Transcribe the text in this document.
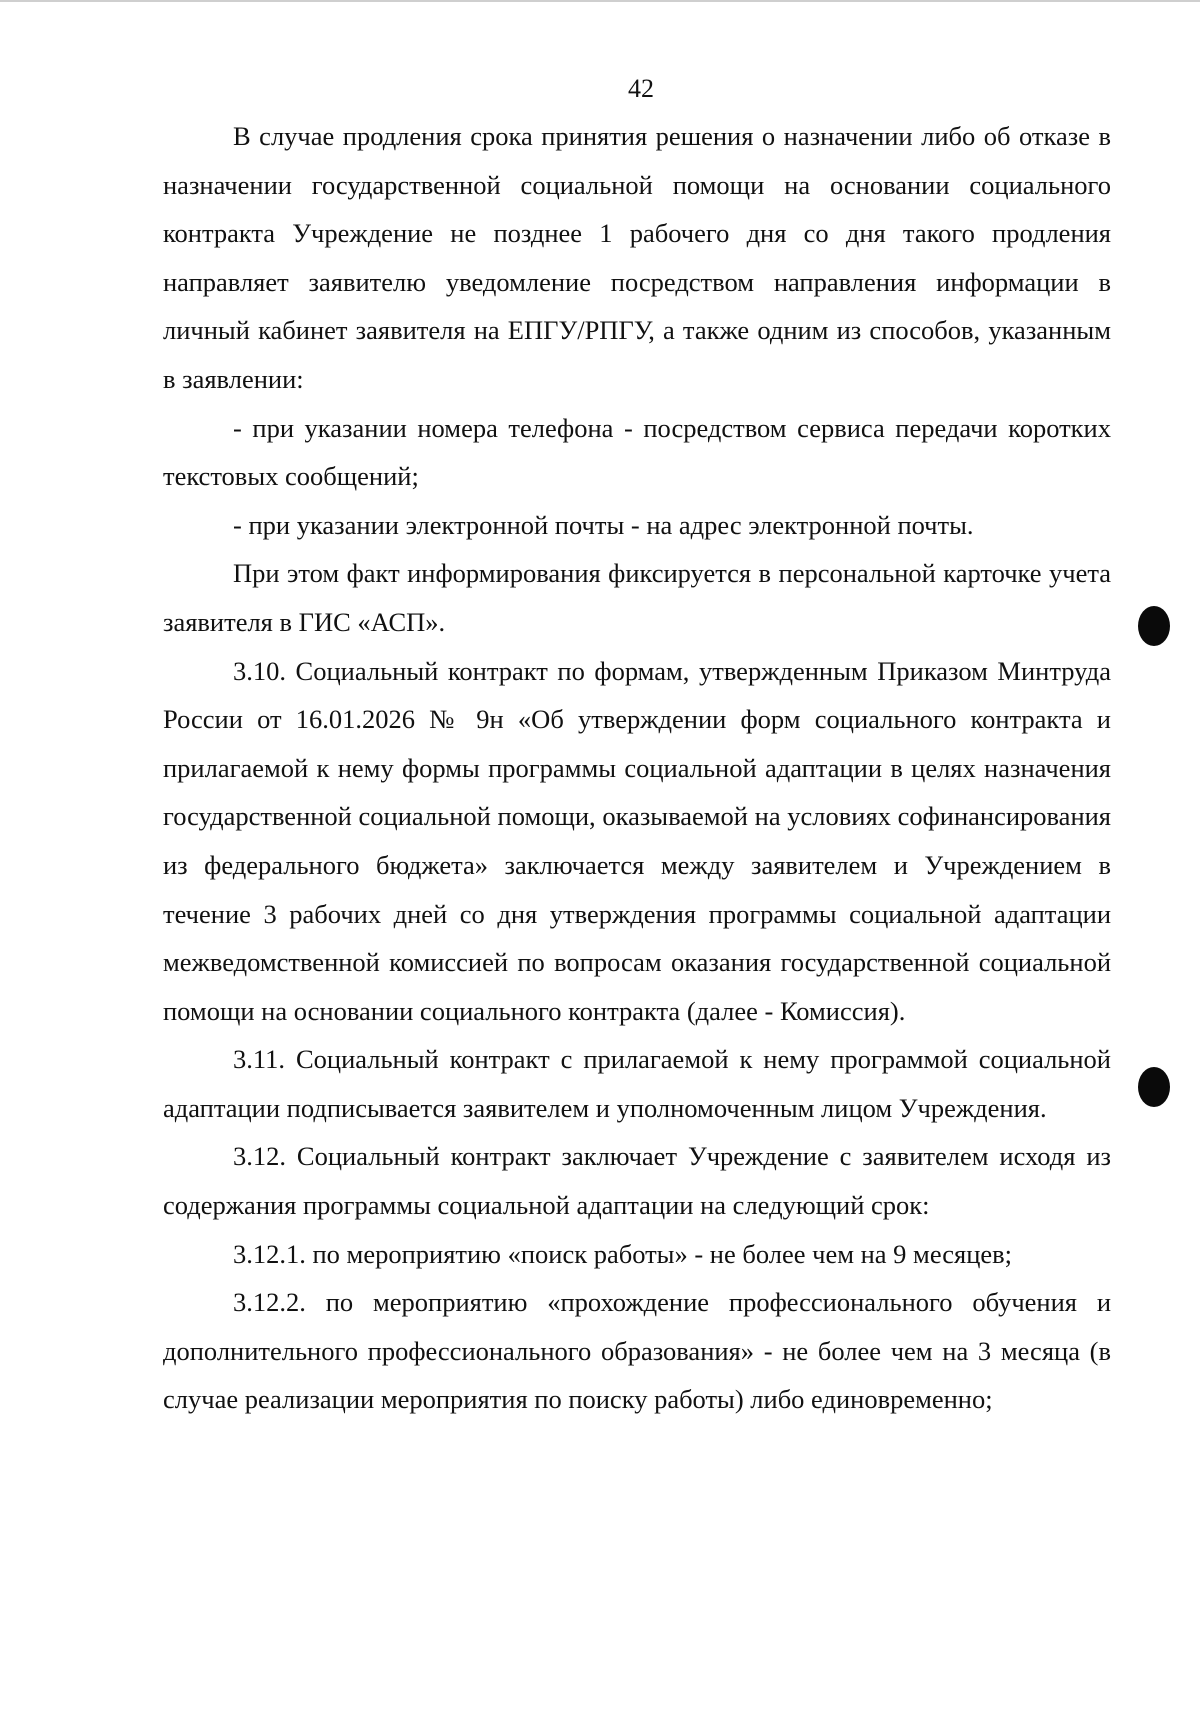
42

В случае продления срока принятия решения о назначении либо об отказе в назначении государственной социальной помощи на основании социального контракта Учреждение не позднее 1 рабочего дня со дня такого продления направляет заявителю уведомление посредством направления информации в личный кабинет заявителя на ЕПГУ/РПГУ, а также одним из способов, указанным в заявлении:

- при указании номера телефона - посредством сервиса передачи коротких текстовых сообщений;

- при указании электронной почты - на адрес электронной почты.

При этом факт информирования фиксируется в персональной карточке учета заявителя в ГИС «АСП».

3.10. Социальный контракт по формам, утвержденным Приказом Минтруда России от 16.01.2026 № 9н «Об утверждении форм социального контракта и прилагаемой к нему формы программы социальной адаптации в целях назначения государственной социальной помощи, оказываемой на условиях софинансирования из федерального бюджета» заключается между заявителем и Учреждением в течение 3 рабочих дней со дня утверждения программы социальной адаптации межведомственной комиссией по вопросам оказания государственной социальной помощи на основании социального контракта (далее - Комиссия).

3.11. Социальный контракт с прилагаемой к нему программой социальной адаптации подписывается заявителем и уполномоченным лицом Учреждения.

3.12. Социальный контракт заключает Учреждение с заявителем исходя из содержания программы социальной адаптации на следующий срок:

3.12.1. по мероприятию «поиск работы» - не более чем на 9 месяцев;

3.12.2. по мероприятию «прохождение профессионального обучения и дополнительного профессионального образования» - не более чем на 3 месяца (в случае реализации мероприятия по поиску работы) либо единовременно;
